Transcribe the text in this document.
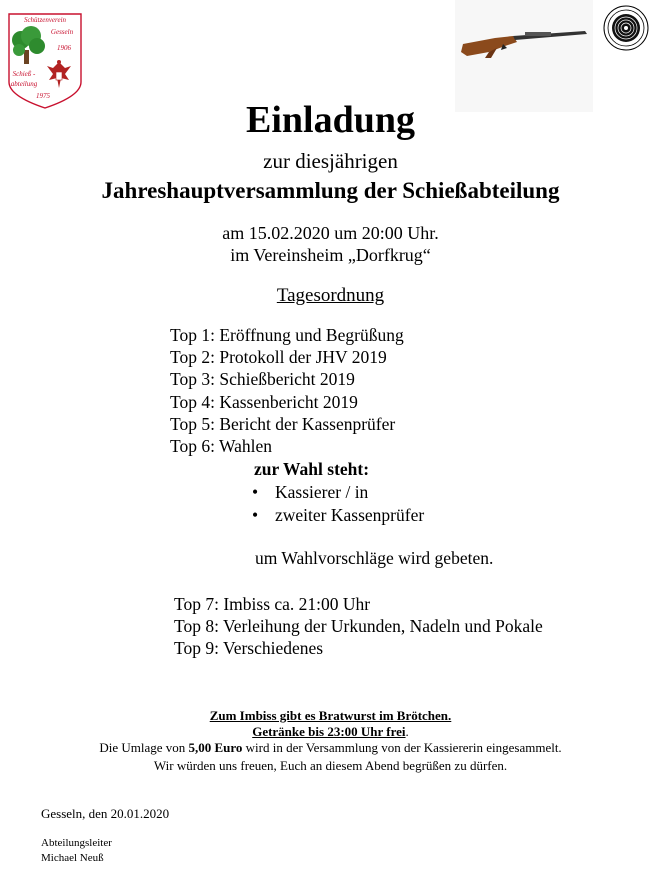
Schützenverein
Gesseln
1906
Schieß -
abteilung
1975
Einladung
zur diesjährigen
Jahreshauptversammlung der Schießabteilung
am 15.02.2020 um 20:00 Uhr.
im Vereinsheim „Dorfkrug“
Tagesordnung
Top 1: Eröffnung und Begrüßung
Top 2: Protokoll der JHV 2019
Top 3: Schießbericht 2019
Top 4: Kassenbericht 2019
Top 5: Bericht der Kassenprüfer
Top 6: Wahlen
zur Wahl steht:
• Kassierer / in
• zweiter Kassenprüfer
um Wahlvorschläge wird gebeten.
Top 7: Imbiss ca. 21:00 Uhr
Top 8: Verleihung der Urkunden, Nadeln und Pokale
Top 9: Verschiedenes
Zum Imbiss gibt es Bratwurst im Brötchen.
Getränke bis 23:00 Uhr frei.
Die Umlage von 5,00 Euro wird in der Versammlung von der Kassiererin eingesammelt.
Wir würden uns freuen, Euch an diesem Abend begrüßen zu dürfen.
Gesseln, den 20.01.2020
Abteilungsleiter
Michael Neuß
